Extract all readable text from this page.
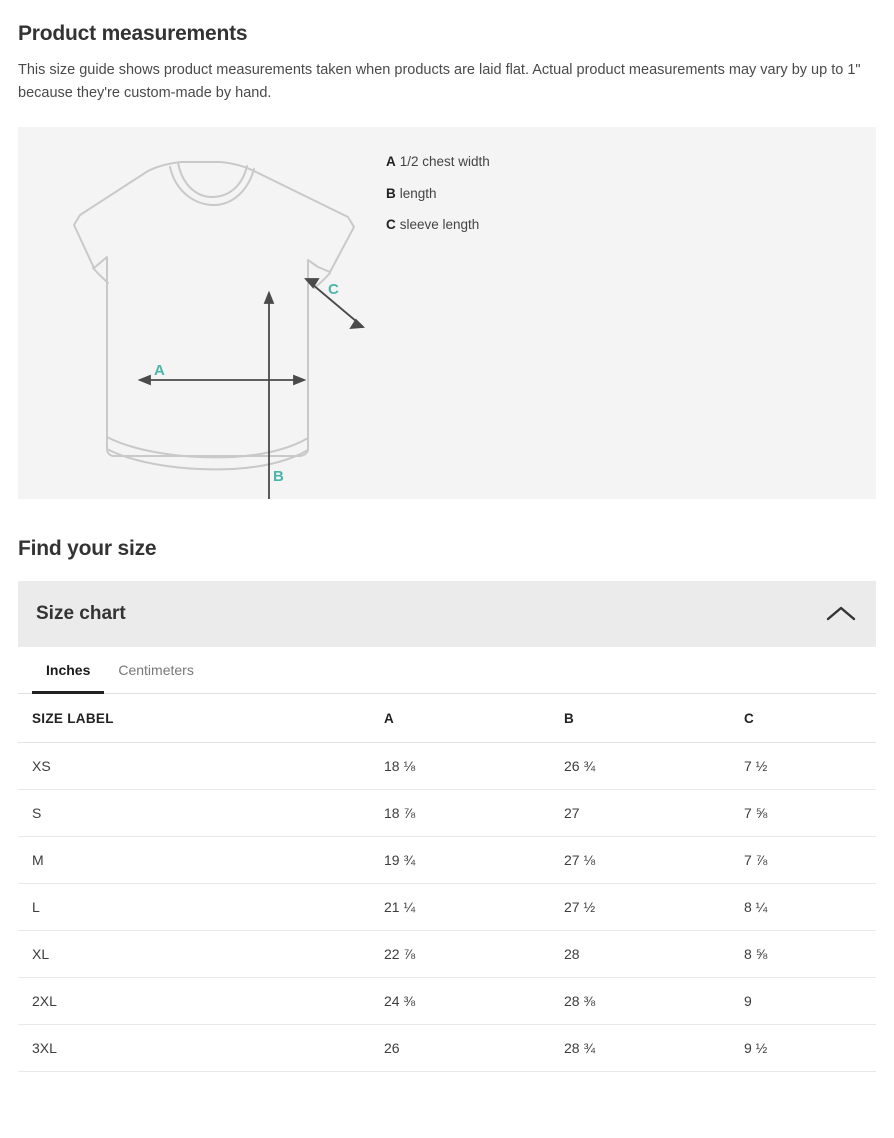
Product measurements

This size guide shows product measurements taken when products are laid flat. Actual product measurements may vary by up to 1" because they're custom-made by hand.

A
B
C
A 1/2 chest width
B length
C sleeve length
Find your size
Size chart
Inches	Centimeters
SIZE LABEL	A	B	C
XS	18 ⅛	26 ¾	7 ½
S	18 ⅞	27	7 ⅝
M	19 ¾	27 ⅛	7 ⅞
L	21 ¼	27 ½	8 ¼
XL	22 ⅞	28	8 ⅝
2XL	24 ⅜	28 ⅜	9
3XL	26	28 ¾	9 ½
